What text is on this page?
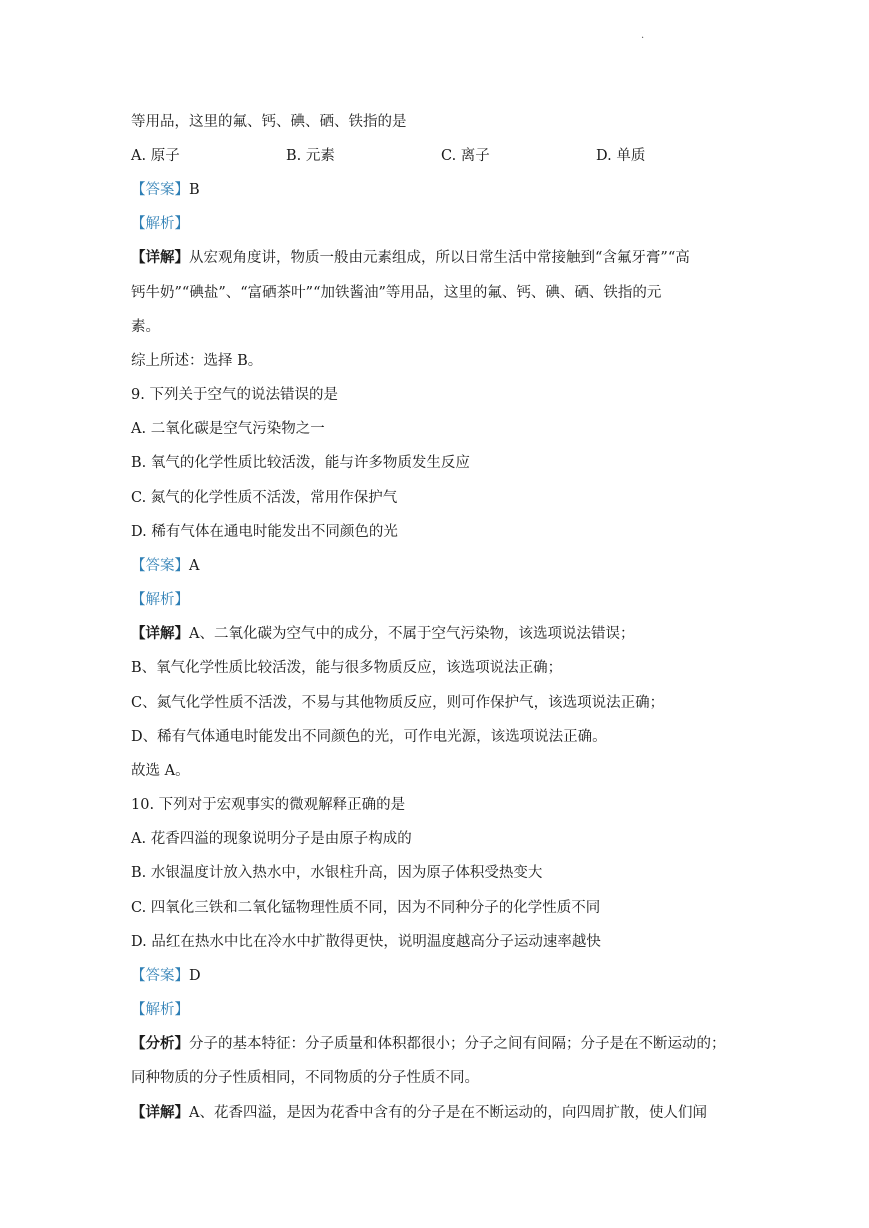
.
等用品，这里的氟、钙、碘、硒、铁指的是
A. 原子	B. 元素	C. 离子	D. 单质
【答案】B
【解析】
【详解】从宏观角度讲，物质一般由元素组成，所以日常生活中常接触到“含氟牙膏”“高
钙牛奶”“碘盐”、“富硒茶叶”“加铁酱油”等用品，这里的氟、钙、碘、硒、铁指的元
素。
综上所述：选择 B。
9. 下列关于空气的说法错误的是
A. 二氧化碳是空气污染物之一
B. 氧气的化学性质比较活泼，能与许多物质发生反应
C. 氮气的化学性质不活泼，常用作保护气
D. 稀有气体在通电时能发出不同颜色的光
【答案】A
【解析】
【详解】A、二氧化碳为空气中的成分，不属于空气污染物，该选项说法错误；
B、氧气化学性质比较活泼，能与很多物质反应，该选项说法正确；
C、氮气化学性质不活泼，不易与其他物质反应，则可作保护气，该选项说法正确；
D、稀有气体通电时能发出不同颜色的光，可作电光源，该选项说法正确。
故选 A。
10. 下列对于宏观事实的微观解释正确的是
A. 花香四溢的现象说明分子是由原子构成的
B. 水银温度计放入热水中，水银柱升高，因为原子体积受热变大
C. 四氧化三铁和二氧化锰物理性质不同，因为不同种分子的化学性质不同
D. 品红在热水中比在冷水中扩散得更快，说明温度越高分子运动速率越快
【答案】D
【解析】
【分析】分子的基本特征：分子质量和体积都很小；分子之间有间隔；分子是在不断运动的；
同种物质的分子性质相同，不同物质的分子性质不同。
【详解】A、花香四溢，是因为花香中含有的分子是在不断运动的，向四周扩散，使人们闻
